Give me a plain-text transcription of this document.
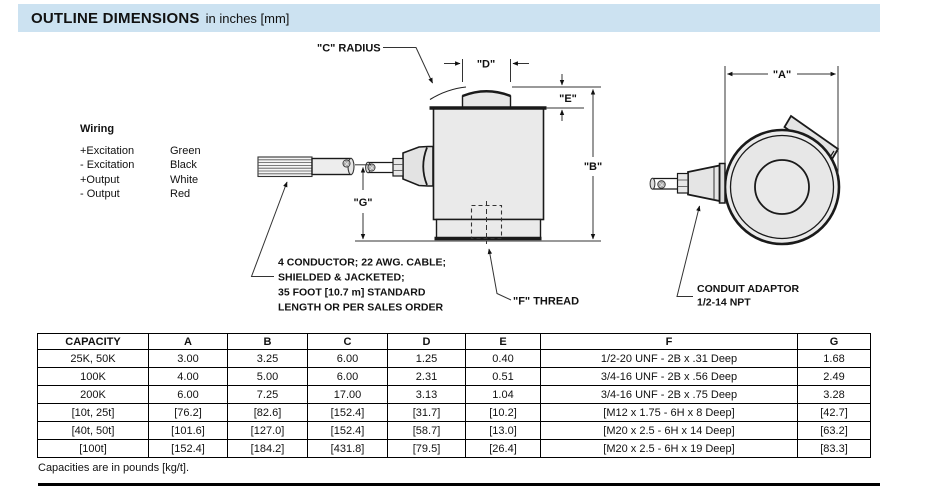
OUTLINE DIMENSIONS in inches [mm]
Wiring
+Excitation	Green
- Excitation	Black
+Output	White
- Output	Red
"D"
"E"
"B"
"G"
"C" RADIUS
"F" THREAD
4 CONDUCTOR; 22 AWG. CABLE;
SHIELDED & JACKETED;
35 FOOT [10.7 m] STANDARD
LENGTH OR PER SALES ORDER
"A"
CONDUIT ADAPTOR
1/2-14 NPT
CAPACITY	A	B	C	D	E	F	G
25K, 50K	3.00	3.25	6.00	1.25	0.40	1/2-20 UNF - 2B x .31 Deep	1.68
100K	4.00	5.00	6.00	2.31	0.51	3/4-16 UNF - 2B x .56 Deep	2.49
200K	6.00	7.25	17.00	3.13	1.04	3/4-16 UNF - 2B x .75 Deep	3.28
[10t, 25t]	[76.2]	[82.6]	[152.4]	[31.7]	[10.2]	[M12 x 1.75 - 6H x 8 Deep]	[42.7]
[40t, 50t]	[101.6]	[127.0]	[152.4]	[58.7]	[13.0]	[M20 x 2.5 - 6H x 14 Deep]	[63.2]
[100t]	[152.4]	[184.2]	[431.8]	[79.5]	[26.4]	[M20 x 2.5 - 6H x 19 Deep]	[83.3]
Capacities are in pounds [kg/t].
